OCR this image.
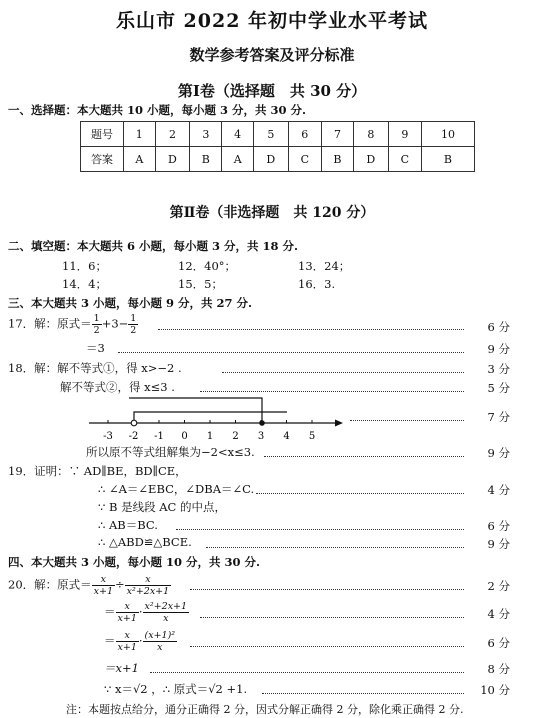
乐山市 2022 年初中学业水平考试
数学参考答案及评分标准
第Ⅰ卷（选择题　共 30 分）
一、选择题：本大题共 10 小题，每小题 3 分，共 30 分.
题号	1	2	3	4	5	6	7	8	9	10
答案	A	D	B	A	D	C	B	D	C	B
第Ⅱ卷（非选择题　共 120 分）
二、填空题：本大题共 6 小题，每小题 3 分，共 18 分.
11．6；	12．40°；	13．24；
14．4；	15．5；	16．3.
三、本大题共 3 小题，每小题 9 分，共 27 分.
17．解：原式＝ $\frac{1}{2} +3- \frac{1}{2}$	6 分
＝3	9 分
18．解：解不等式①，得 x>−2 .	3 分
解不等式②，得 x≤3 .	5 分
-3 -2 -1 0 1 2 3 4 5
7 分
所以原不等式组解集为−2<x≤3.	9 分
19．证明：∵ AD∥BE，BD∥CE，
∴ ∠A＝∠EBC，∠DBA＝∠C.	4 分
∵ B 是线段 AC 的中点，
∴ AB＝BC.	6 分
∴ △ABD≌△BCE.	9 分
四、本大题共 3 小题，每小题 10 分，共 30 分.
20．解：原式＝ $\frac{x}{x+1} \div \frac{x}{\text{x²+2x+1}}$	2 分
＝ $\frac{x}{x+1} \cdot \frac{\text{x²+2x+1}}{x}$	4 分
＝ $\frac{x}{x+1} \cdot \frac{\text{(x+1)²}}{x}$	6 分
＝x+1	8 分
∵ x＝√2 ，∴ 原式＝√2 +1.	10 分
注：本题按点给分，通分正确得 2 分，因式分解正确得 2 分，除化乘正确得 2 分.
